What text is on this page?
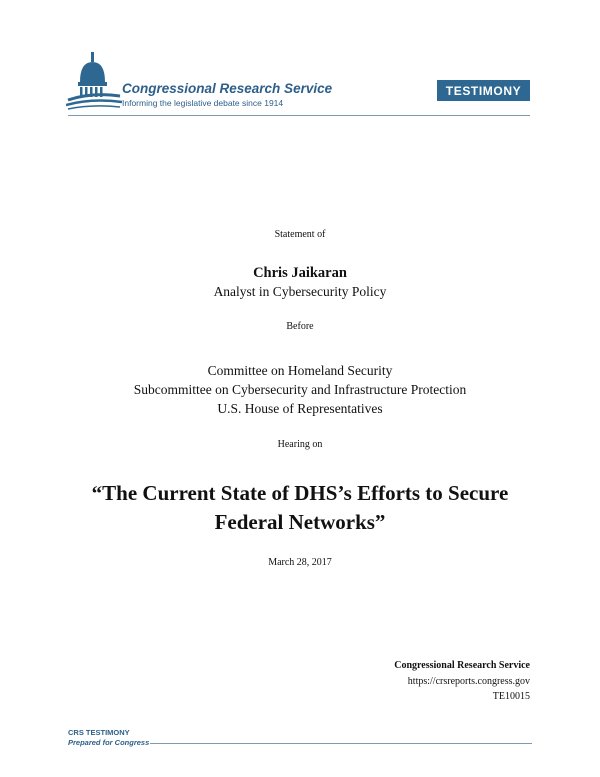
Congressional Research Service
Informing the legislative debate since 1914
TESTIMONY
Statement of
Chris Jaikaran
Analyst in Cybersecurity Policy
Before
Committee on Homeland Security
Subcommittee on Cybersecurity and Infrastructure Protection
U.S. House of Representatives
Hearing on
“The Current State of DHS’s Efforts to Secure
Federal Networks”
March 28, 2017
Congressional Research Service
https://crsreports.congress.gov
TE10015
CRS TESTIMONY
Prepared for Congress
